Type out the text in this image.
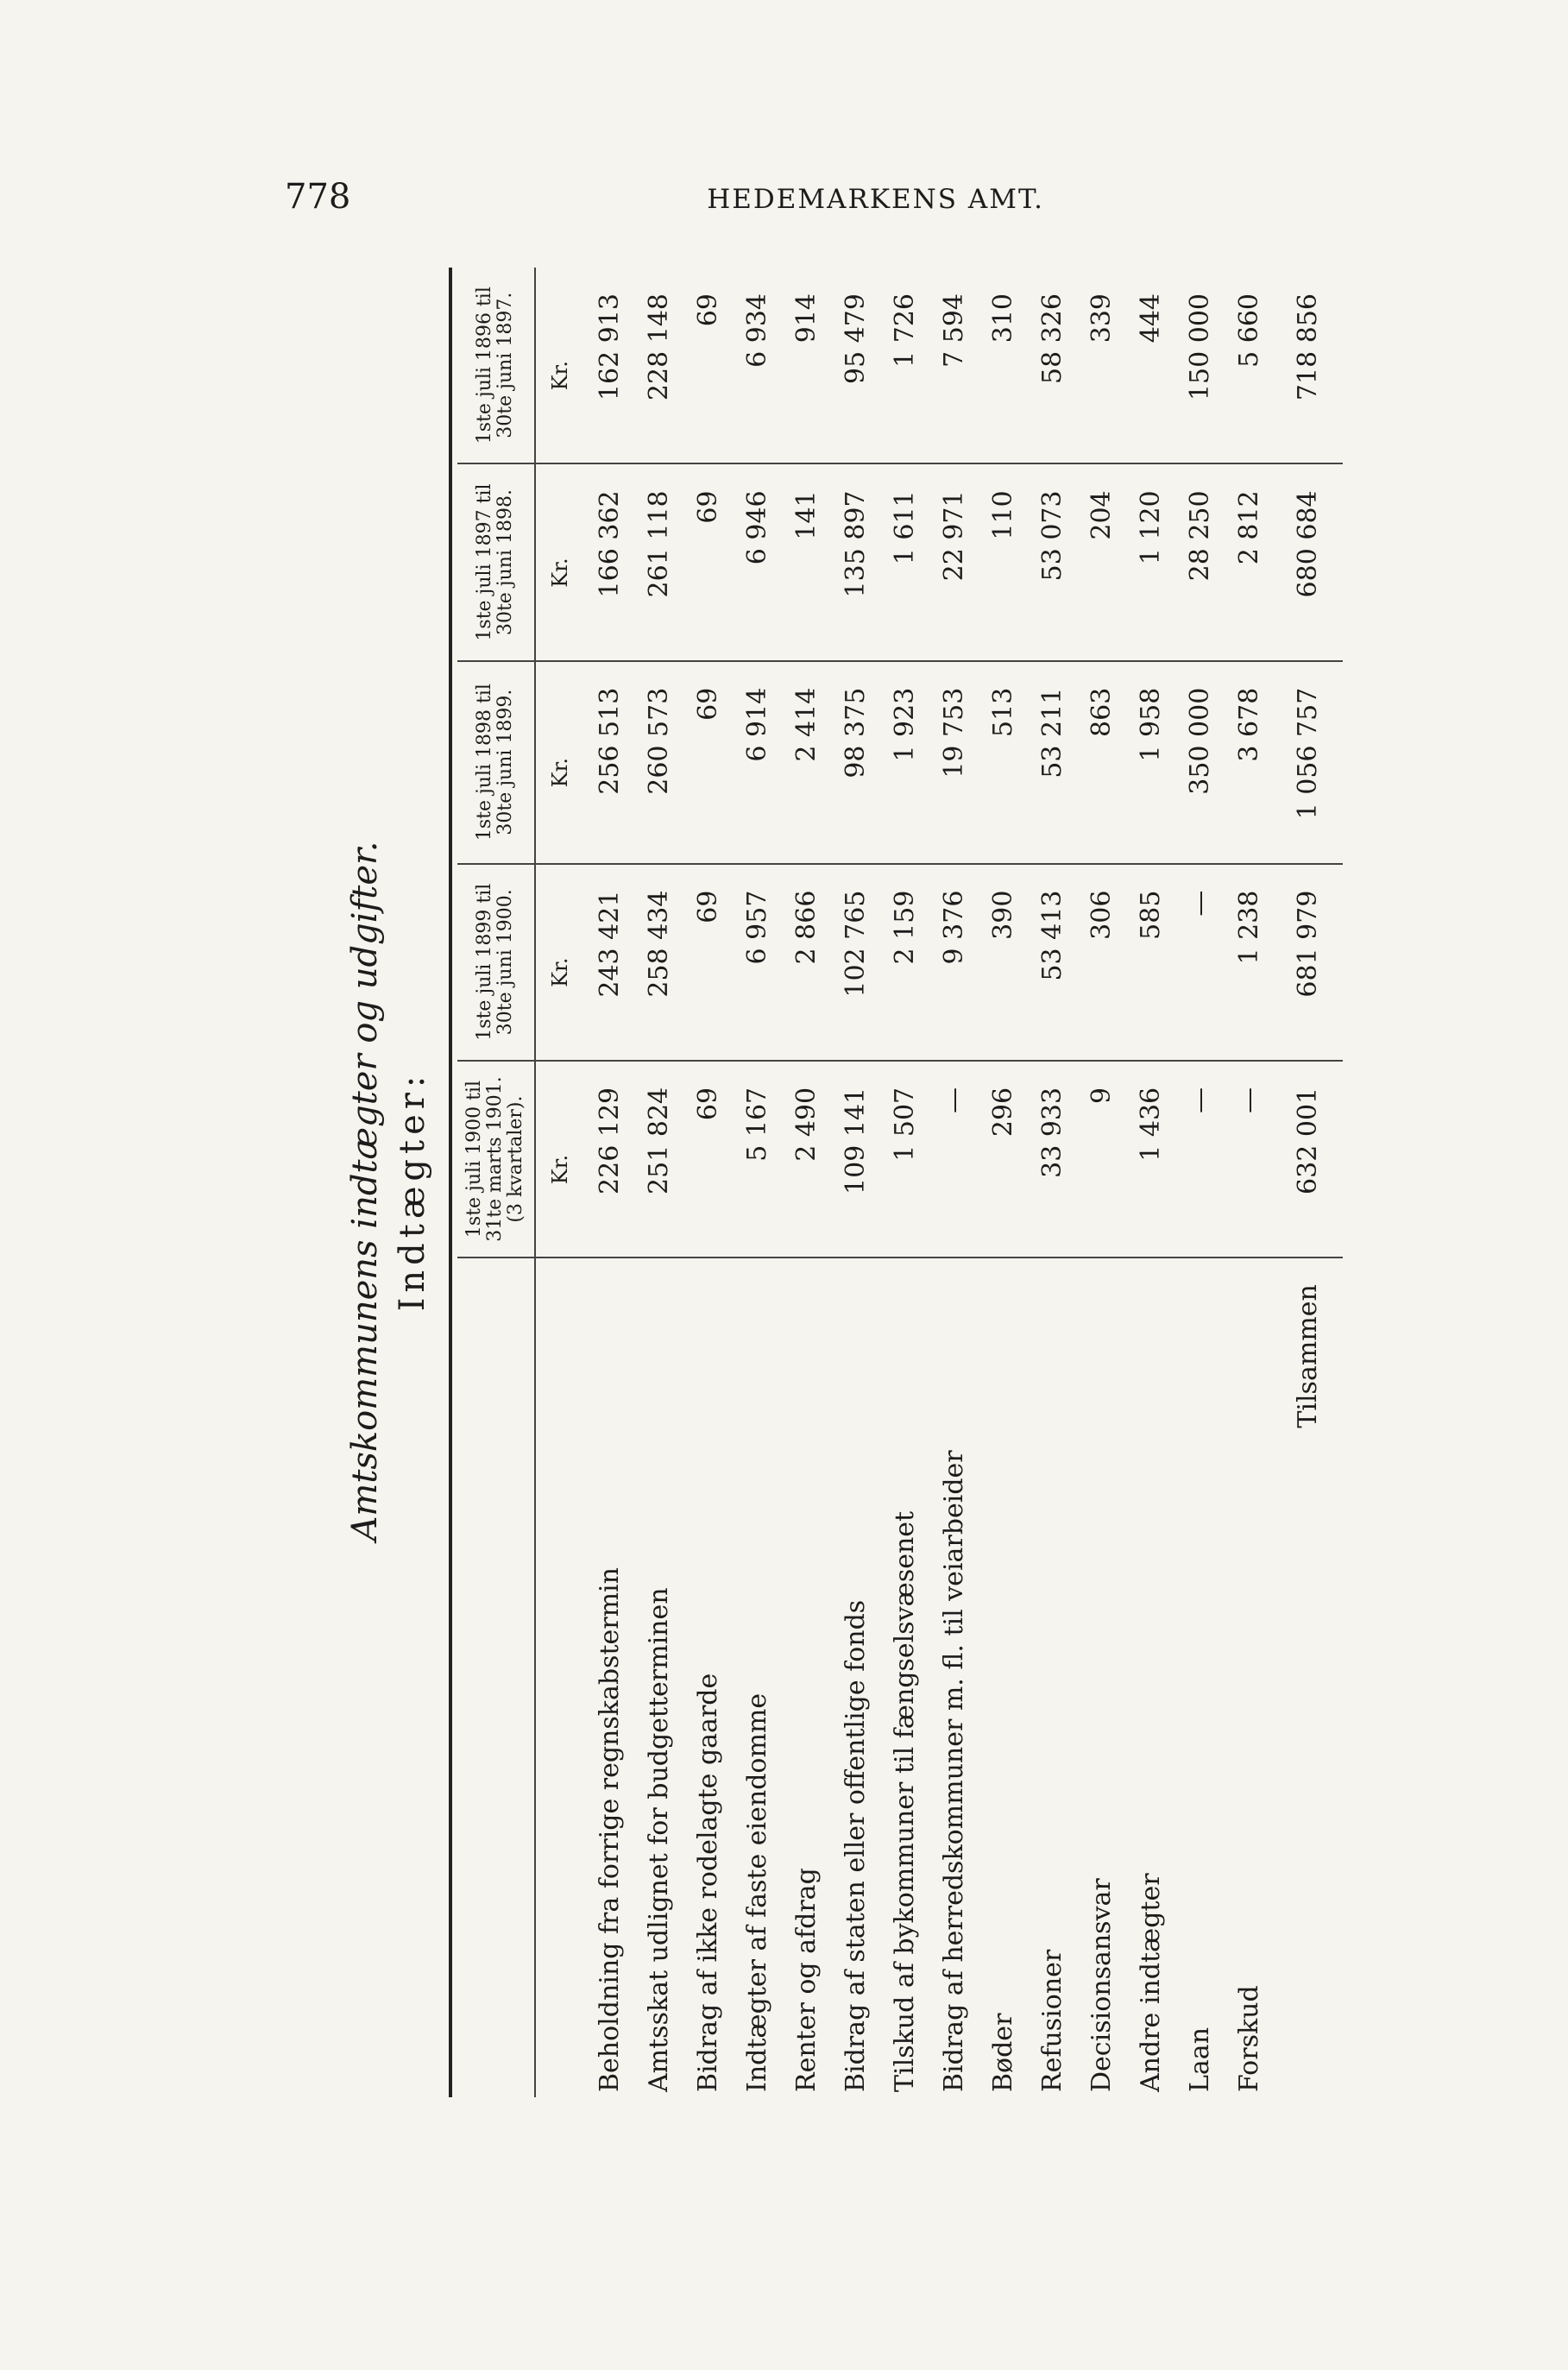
778	HEDEMARKENS AMT.
Amtskommunens indtægter og udgifter. Indtægter:
	1ste juli 1900 til 31te marts 1901. (3 kvartaler).	1ste juli 1899 til 30te juni 1900.	1ste juli 1898 til 30te juni 1899.	1ste juli 1897 til 30te juni 1898.	1ste juli 1896 til 30te juni 1897.
	Kr.	Kr.	Kr.	Kr.	Kr.
Beholdning fra forrige regnskabstermin	226 129	243 421	256 513	166 362	162 913
Amtsskat udlignet for budgetterminen	251 824	258 434	260 573	261 118	228 148
Bidrag af ikke rodelagte gaarde	69	69	69	69	69
Indtægter af faste eiendomme	5 167	6 957	6 914	6 946	6 934
Renter og afdrag	2 490	2 866	2 414	141	914
Bidrag af staten eller offentlige fonds	109 141	102 765	98 375	135 897	95 479
Tilskud af bykommuner til fængselsvæsenet	1 507	2 159	1 923	1 611	1 726
Bidrag af herredskommuner m. fl. til veiarbeider	—	9 376	19 753	22 971	7 594
Bøder	296	390	513	110	310
Refusioner	33 933	53 413	53 211	53 073	58 326
Decisionsansvar	9	306	863	204	339
Andre indtægter	1 436	585	1 958	1 120	444
Laan	—	—	350 000	28 250	150 000
Forskud	—	1 238	3 678	2 812	5 660
Tilsammen	632 001	681 979	1 056 757	680 684	718 856
